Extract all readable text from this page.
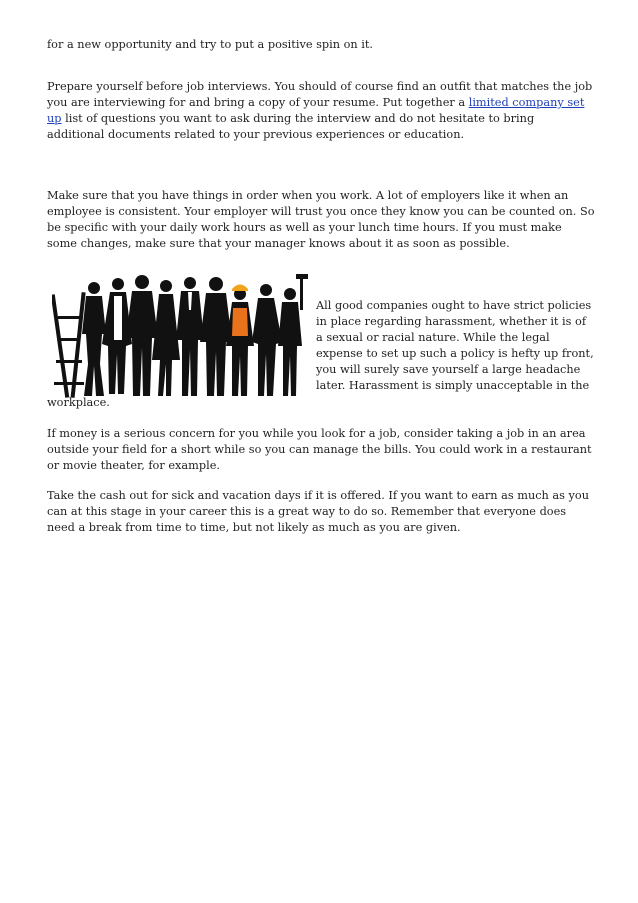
for a new opportunity and try to put a positive spin on it.

Prepare yourself before job interviews. You should of course find an outfit that matches the job you are interviewing for and bring a copy of your resume. Put together a limited company set up list of questions you want to ask during the interview and do not hesitate to bring additional documents related to your previous experiences or education.

Make sure that you have things in order when you work. A lot of employers like it when an employee is consistent. Your employer will trust you once they know you can be counted on. So be specific with your daily work hours as well as your lunch time hours. If you must make some changes, make sure that your manager knows about it as soon as possible.

All good companies ought to have strict policies in place regarding harassment, whether it is of a sexual or racial nature. While the legal expense to set up such a policy is hefty up front, you will surely save yourself a large headache later. Harassment is simply unacceptable in the

workplace.

If money is a serious concern for you while you look for a job, consider taking a job in an area outside your field for a short while so you can manage the bills. You could work in a restaurant or movie theater, for example.

Take the cash out for sick and vacation days if it is offered. If you want to earn as much as you can at this stage in your career this is a great way to do so. Remember that everyone does need a break from time to time, but not likely as much as you are given.
